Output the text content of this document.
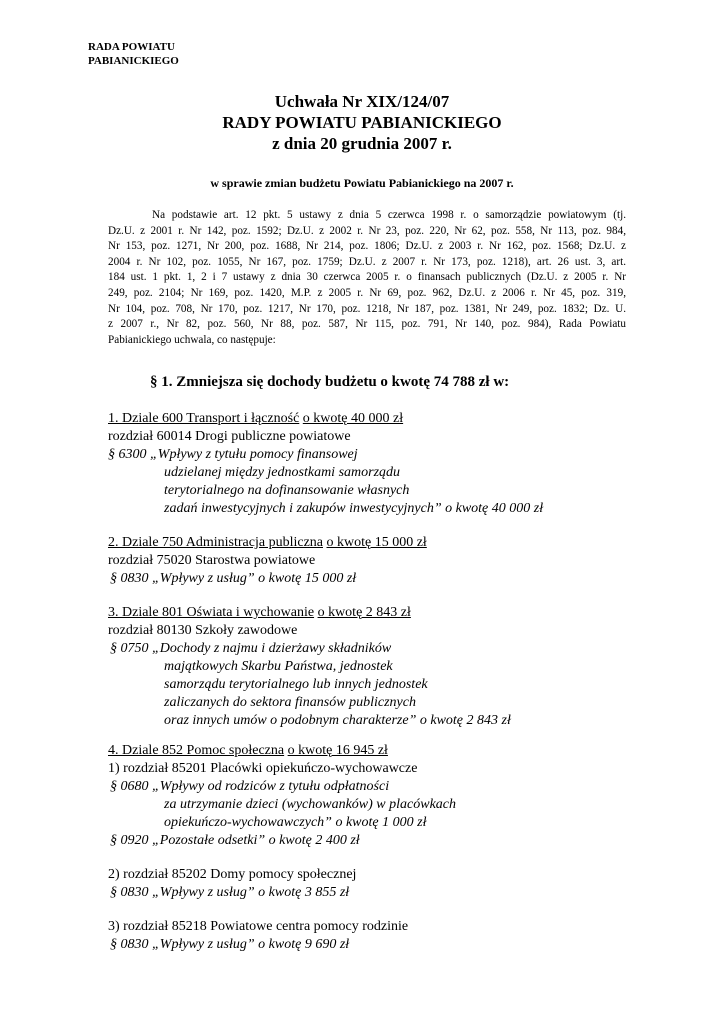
RADA POWIATU
PABIANICKIEGO
Uchwała Nr XIX/124/07
RADY POWIATU PABIANICKIEGO
z dnia 20 grudnia 2007 r.
w sprawie zmian budżetu Powiatu Pabianickiego na 2007 r.
Na podstawie art. 12 pkt. 5 ustawy z dnia 5 czerwca 1998 r. o samorządzie powiatowym (tj.
Dz.U. z 2001 r. Nr 142, poz. 1592; Dz.U. z 2002 r. Nr 23, poz. 220, Nr 62, poz. 558, Nr 113, poz. 984,
Nr 153, poz. 1271, Nr 200, poz. 1688, Nr 214, poz. 1806; Dz.U. z 2003 r. Nr 162, poz. 1568; Dz.U. z
2004 r. Nr 102, poz. 1055, Nr 167, poz. 1759; Dz.U. z 2007 r. Nr 173, poz. 1218), art. 26 ust. 3, art.
184 ust. 1 pkt. 1, 2 i 7 ustawy z dnia 30 czerwca 2005 r. o finansach publicznych (Dz.U. z 2005 r. Nr
249, poz. 2104; Nr 169, poz. 1420, M.P. z 2005 r. Nr 69, poz. 962, Dz.U. z 2006 r. Nr 45, poz. 319,
Nr 104, poz. 708, Nr 170, poz. 1217, Nr 170, poz. 1218, Nr 187, poz. 1381, Nr 249, poz. 1832; Dz. U.
z 2007 r., Nr 82, poz. 560, Nr 88, poz. 587, Nr 115, poz. 791, Nr 140, poz. 984), Rada Powiatu
Pabianickiego uchwala, co następuje:
§ 1. Zmniejsza się dochody budżetu o kwotę 74 788 zł w:
1. Dziale 600 Transport i łączność o kwotę 40 000 zł
rozdział 60014 Drogi publiczne powiatowe
§ 6300 „Wpływy z tytułu pomocy finansowej
udzielanej między jednostkami samorządu
terytorialnego na dofinansowanie własnych
zadań inwestycyjnych i zakupów inwestycyjnych” o kwotę 40 000 zł
2. Dziale 750 Administracja publiczna o kwotę 15 000 zł
rozdział 75020 Starostwa powiatowe
§ 0830 „Wpływy z usług” o kwotę 15 000 zł
3. Dziale 801 Oświata i wychowanie o kwotę 2 843 zł
rozdział 80130 Szkoły zawodowe
§ 0750 „Dochody z najmu i dzierżawy składników
majątkowych Skarbu Państwa, jednostek
samorządu terytorialnego lub innych jednostek
zaliczanych do sektora finansów publicznych
oraz innych umów o podobnym charakterze” o kwotę 2 843 zł
4. Dziale 852 Pomoc społeczna o kwotę 16 945 zł
1) rozdział 85201 Placówki opiekuńczo-wychowawcze
§ 0680 „Wpływy od rodziców z tytułu odpłatności
za utrzymanie dzieci (wychowanków) w placówkach
opiekuńczo-wychowawczych” o kwotę 1 000 zł
§ 0920 „Pozostałe odsetki” o kwotę 2 400 zł
2) rozdział 85202 Domy pomocy społecznej
§ 0830 „Wpływy z usług” o kwotę 3 855 zł
3) rozdział 85218 Powiatowe centra pomocy rodzinie
§ 0830 „Wpływy z usług” o kwotę 9 690 zł
